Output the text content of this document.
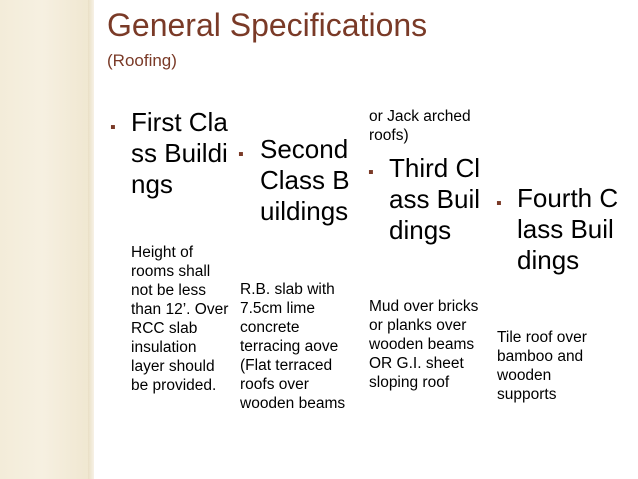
General Specifications
(Roofing)
▪ First Class Buildings
Height of rooms shall not be less than 12’. Over RCC slab insulation layer should be provided.
▪ Second Class Buildings
R.B. slab with 7.5cm lime concrete terracing aove (Flat terraced roofs over wooden beams
or Jack arched roofs)
▪ Third Class Buildings
Mud over bricks or planks over wooden beams OR G.I. sheet sloping roof
▪ Fourth Class Buildings
Tile roof over bamboo and wooden supports
